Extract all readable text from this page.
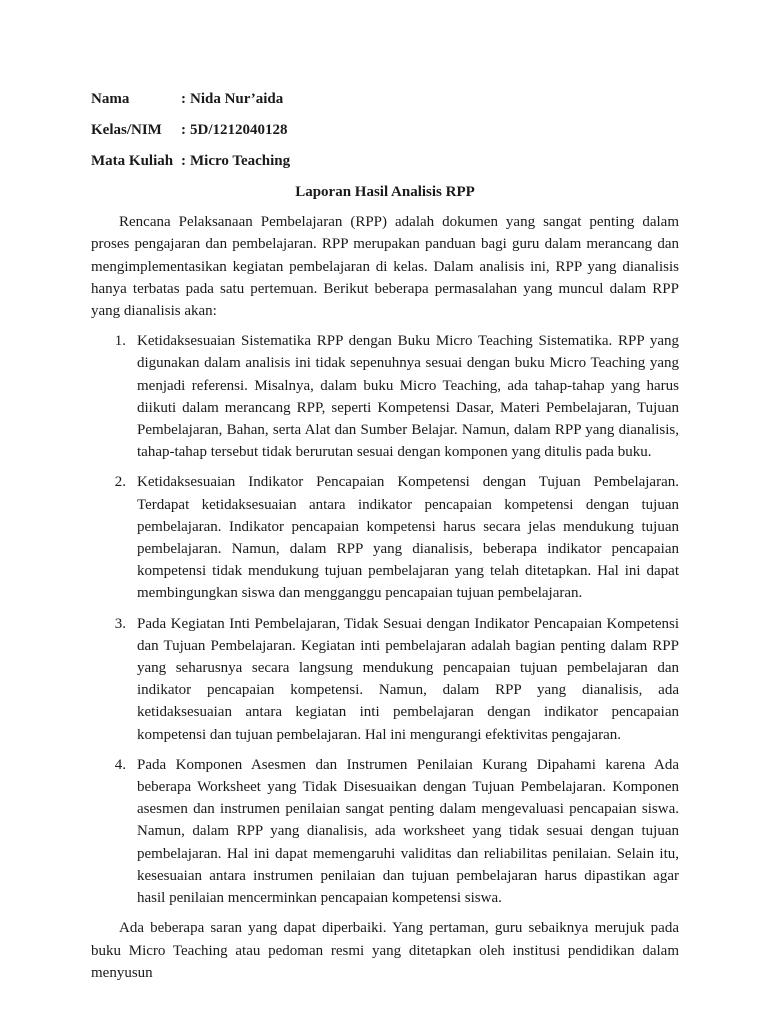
Nama	: Nida Nur’aida
Kelas/NIM	: 5D/1212040128
Mata Kuliah : Micro Teaching

Laporan Hasil Analisis RPP

Rencana Pelaksanaan Pembelajaran (RPP) adalah dokumen yang sangat penting dalam proses pengajaran dan pembelajaran. RPP merupakan panduan bagi guru dalam merancang dan mengimplementasikan kegiatan pembelajaran di kelas. Dalam analisis ini, RPP yang dianalisis hanya terbatas pada satu pertemuan. Berikut beberapa permasalahan yang muncul dalam RPP yang dianalisis akan:

1. Ketidaksesuaian Sistematika RPP dengan Buku Micro Teaching Sistematika. RPP yang digunakan dalam analisis ini tidak sepenuhnya sesuai dengan buku Micro Teaching yang menjadi referensi. Misalnya, dalam buku Micro Teaching, ada tahap-tahap yang harus diikuti dalam merancang RPP, seperti Kompetensi Dasar, Materi Pembelajaran, Tujuan Pembelajaran, Bahan, serta Alat dan Sumber Belajar. Namun, dalam RPP yang dianalisis, tahap-tahap tersebut tidak berurutan sesuai dengan komponen yang ditulis pada buku.
2. Ketidaksesuaian Indikator Pencapaian Kompetensi dengan Tujuan Pembelajaran. Terdapat ketidaksesuaian antara indikator pencapaian kompetensi dengan tujuan pembelajaran. Indikator pencapaian kompetensi harus secara jelas mendukung tujuan pembelajaran. Namun, dalam RPP yang dianalisis, beberapa indikator pencapaian kompetensi tidak mendukung tujuan pembelajaran yang telah ditetapkan. Hal ini dapat membingungkan siswa dan mengganggu pencapaian tujuan pembelajaran.
3. Pada Kegiatan Inti Pembelajaran, Tidak Sesuai dengan Indikator Pencapaian Kompetensi dan Tujuan Pembelajaran. Kegiatan inti pembelajaran adalah bagian penting dalam RPP yang seharusnya secara langsung mendukung pencapaian tujuan pembelajaran dan indikator pencapaian kompetensi. Namun, dalam RPP yang dianalisis, ada ketidaksesuaian antara kegiatan inti pembelajaran dengan indikator pencapaian kompetensi dan tujuan pembelajaran. Hal ini mengurangi efektivitas pengajaran.
4. Pada Komponen Asesmen dan Instrumen Penilaian Kurang Dipahami karena Ada beberapa Worksheet yang Tidak Disesuaikan dengan Tujuan Pembelajaran. Komponen asesmen dan instrumen penilaian sangat penting dalam mengevaluasi pencapaian siswa. Namun, dalam RPP yang dianalisis, ada worksheet yang tidak sesuai dengan tujuan pembelajaran. Hal ini dapat memengaruhi validitas dan reliabilitas penilaian. Selain itu, kesesuaian antara instrumen penilaian dan tujuan pembelajaran harus dipastikan agar hasil penilaian mencerminkan pencapaian kompetensi siswa.

Ada beberapa saran yang dapat diperbaiki. Yang pertaman, guru sebaiknya merujuk pada buku Micro Teaching atau pedoman resmi yang ditetapkan oleh institusi pendidikan dalam menyusun
